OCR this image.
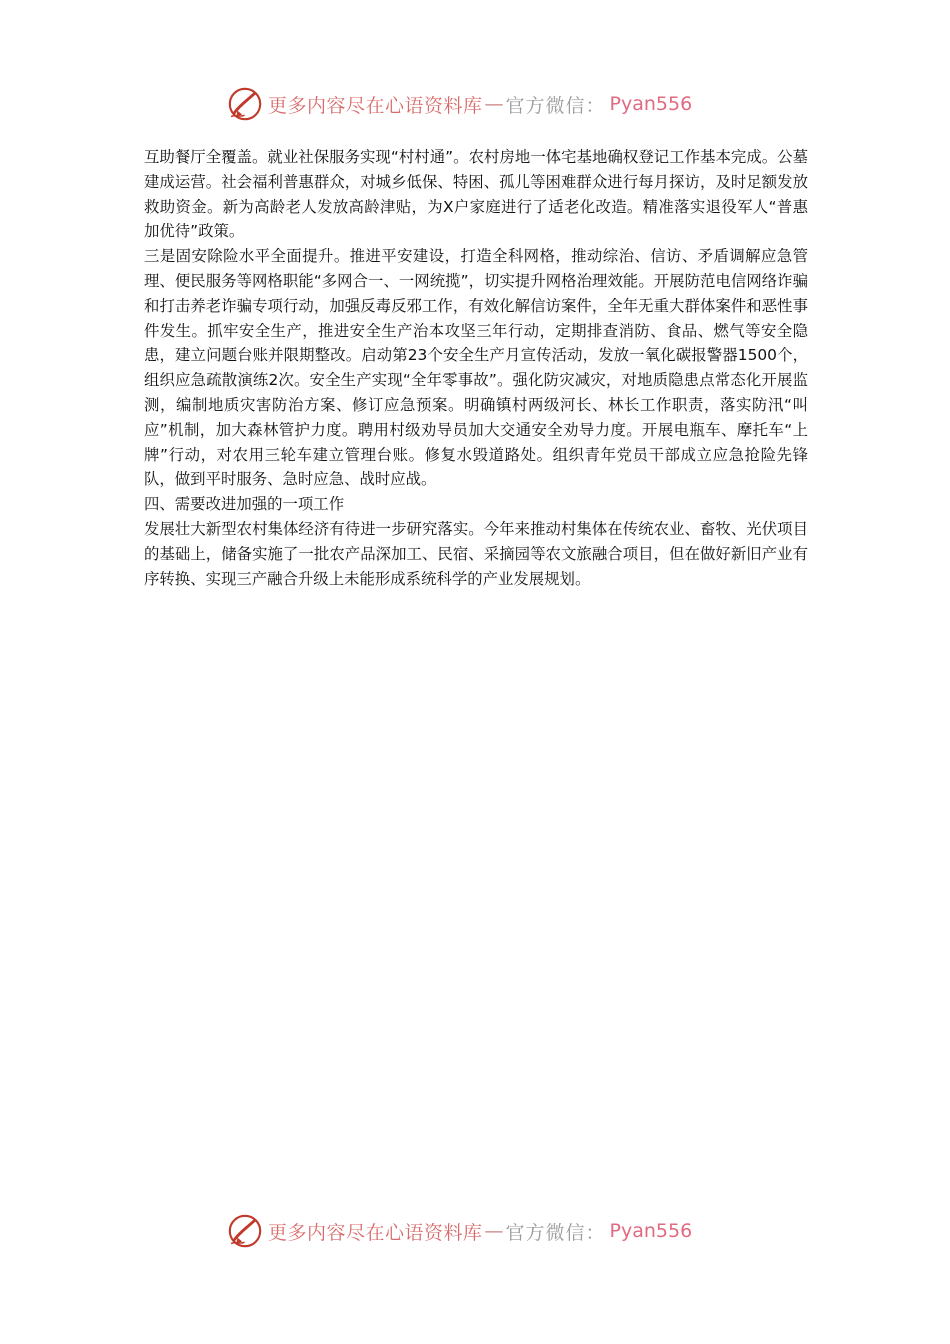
更多内容尽在心语资料库 — 官方微信： Pyan556

互助餐厅全覆盖。就业社保服务实现“村村通”。农村房地一体宅基地确权登记工作基本完成。公墓建成运营。社会福利普惠群众，对城乡低保、特困、孤儿等困难群众进行每月探访，及时足额发放救助资金。新为高龄老人发放高龄津贴，为X户家庭进行了适老化改造。精准落实退役军人“普惠加优待”政策。

三是固安除险水平全面提升。推进平安建设，打造全科网格，推动综治、信访、矛盾调解应急管理、便民服务等网格职能“多网合一、一网统揽”，切实提升网格治理效能。开展防范电信网络诈骗和打击养老诈骗专项行动，加强反毒反邪工作，有效化解信访案件，全年无重大群体案件和恶性事件发生。抓牢安全生产，推进安全生产治本攻坚三年行动，定期排查消防、食品、燃气等安全隐患，建立问题台账并限期整改。启动第23个安全生产月宣传活动，发放一氧化碳报警器1500个，组织应急疏散演练2次。安全生产实现“全年零事故”。强化防灾减灾，对地质隐患点常态化开展监测，编制地质灾害防治方案、修订应急预案。明确镇村两级河长、林长工作职责，落实防汛“叫应”机制，加大森林管护力度。聘用村级劝导员加大交通安全劝导力度。开展电瓶车、摩托车“上牌”行动，对农用三轮车建立管理台账。修复水毁道路处。组织青年党员干部成立应急抢险先锋队，做到平时服务、急时应急、战时应战。

四、需要改进加强的一项工作

发展壮大新型农村集体经济有待进一步研究落实。今年来推动村集体在传统农业、畜牧、光伏项目的基础上，储备实施了一批农产品深加工、民宿、采摘园等农文旅融合项目，但在做好新旧产业有序转换、实现三产融合升级上未能形成系统科学的产业发展规划。

更多内容尽在心语资料库 — 官方微信： Pyan556
